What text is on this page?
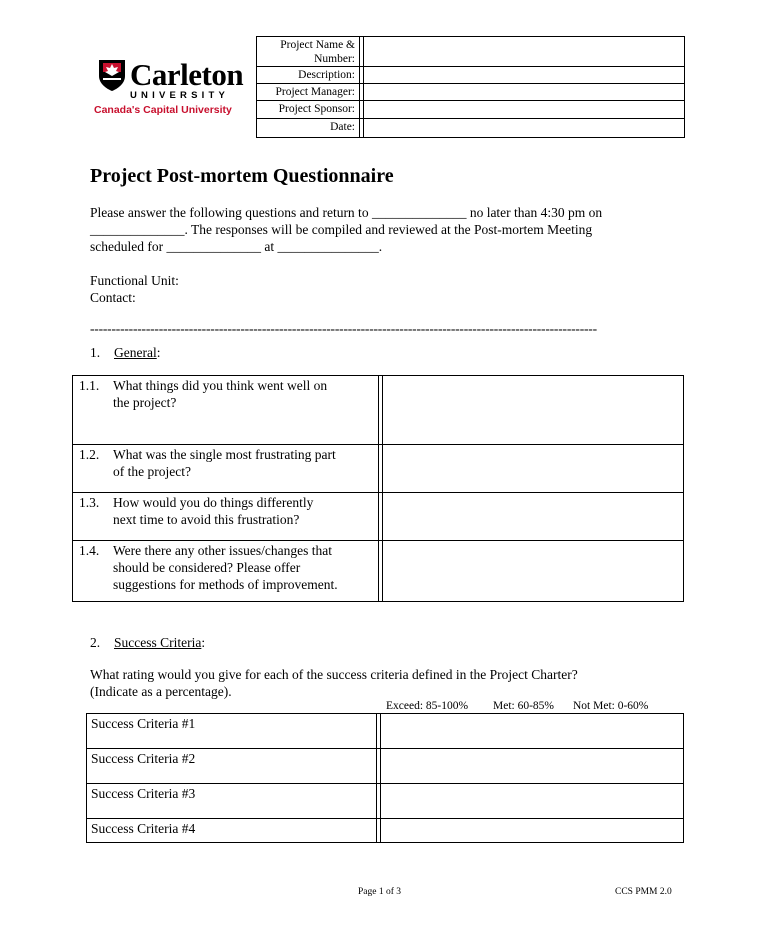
Carleton
UNIVERSITY
Canada's Capital University
Project Name &
Number:
Description:
Project Manager:
Project Sponsor:
Date:
Project Post-mortem Questionnaire
Please answer the following questions and return to ______________ no later than 4:30 pm on
______________. The responses will be compiled and reviewed at the Post-mortem Meeting
scheduled for ______________ at _______________.
Functional Unit:
Contact:
----------------------------------------------------------------------------------------------------------------------
1. General:
1.1. What things did you think went well on
the project?
1.2. What was the single most frustrating part
of the project?
1.3. How would you do things differently
next time to avoid this frustration?
1.4. Were there any other issues/changes that
should be considered? Please offer
suggestions for methods of improvement.
2. Success Criteria:
What rating would you give for each of the success criteria defined in the Project Charter?
(Indicate as a percentage).
Exceed: 85-100% Met: 60-85% Not Met: 0-60%
Success Criteria #1
Success Criteria #2
Success Criteria #3
Success Criteria #4
Page 1 of 3	CCS PMM 2.0
